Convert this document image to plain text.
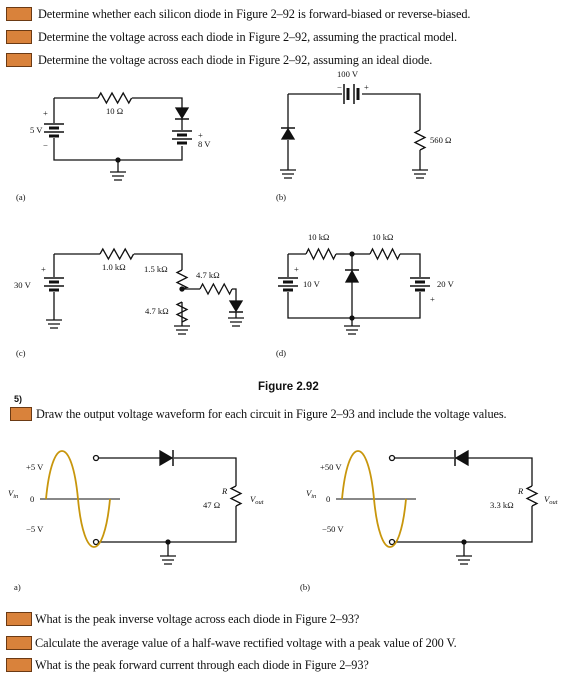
Determine whether each silicon diode in Figure 2–92 is forward-biased or reverse-biased.
Determine the voltage across each diode in Figure 2–92, assuming the practical model.
Determine the voltage across each diode in Figure 2–92, assuming an ideal diode.
5)
Draw the output voltage waveform for each circuit in Figure 2–93 and include the voltage values.
What is the peak inverse voltage across each diode in Figure 2–93?
Calculate the average value of a half-wave rectified voltage with a peak value of 200 V.
What is the peak forward current through each diode in Figure 2–93?
10 Ω
5 V
+
−
+
8 V
(a)
100 V
−	+
560 Ω
(b)
1.0 kΩ 1.5 kΩ
4.7 kΩ
4.7 kΩ
30 V
+
(c)
10 kΩ	10 kΩ
10 V	20 V
+
+
(d)
Figure 2.92
+5 V
−5 V
0
$V_{in}$
R
47 Ω
$V_{out}$
a)
+50 V
−50 V
0
$V_{in}$
R
3.3 kΩ
$V_{out}$
(b)
